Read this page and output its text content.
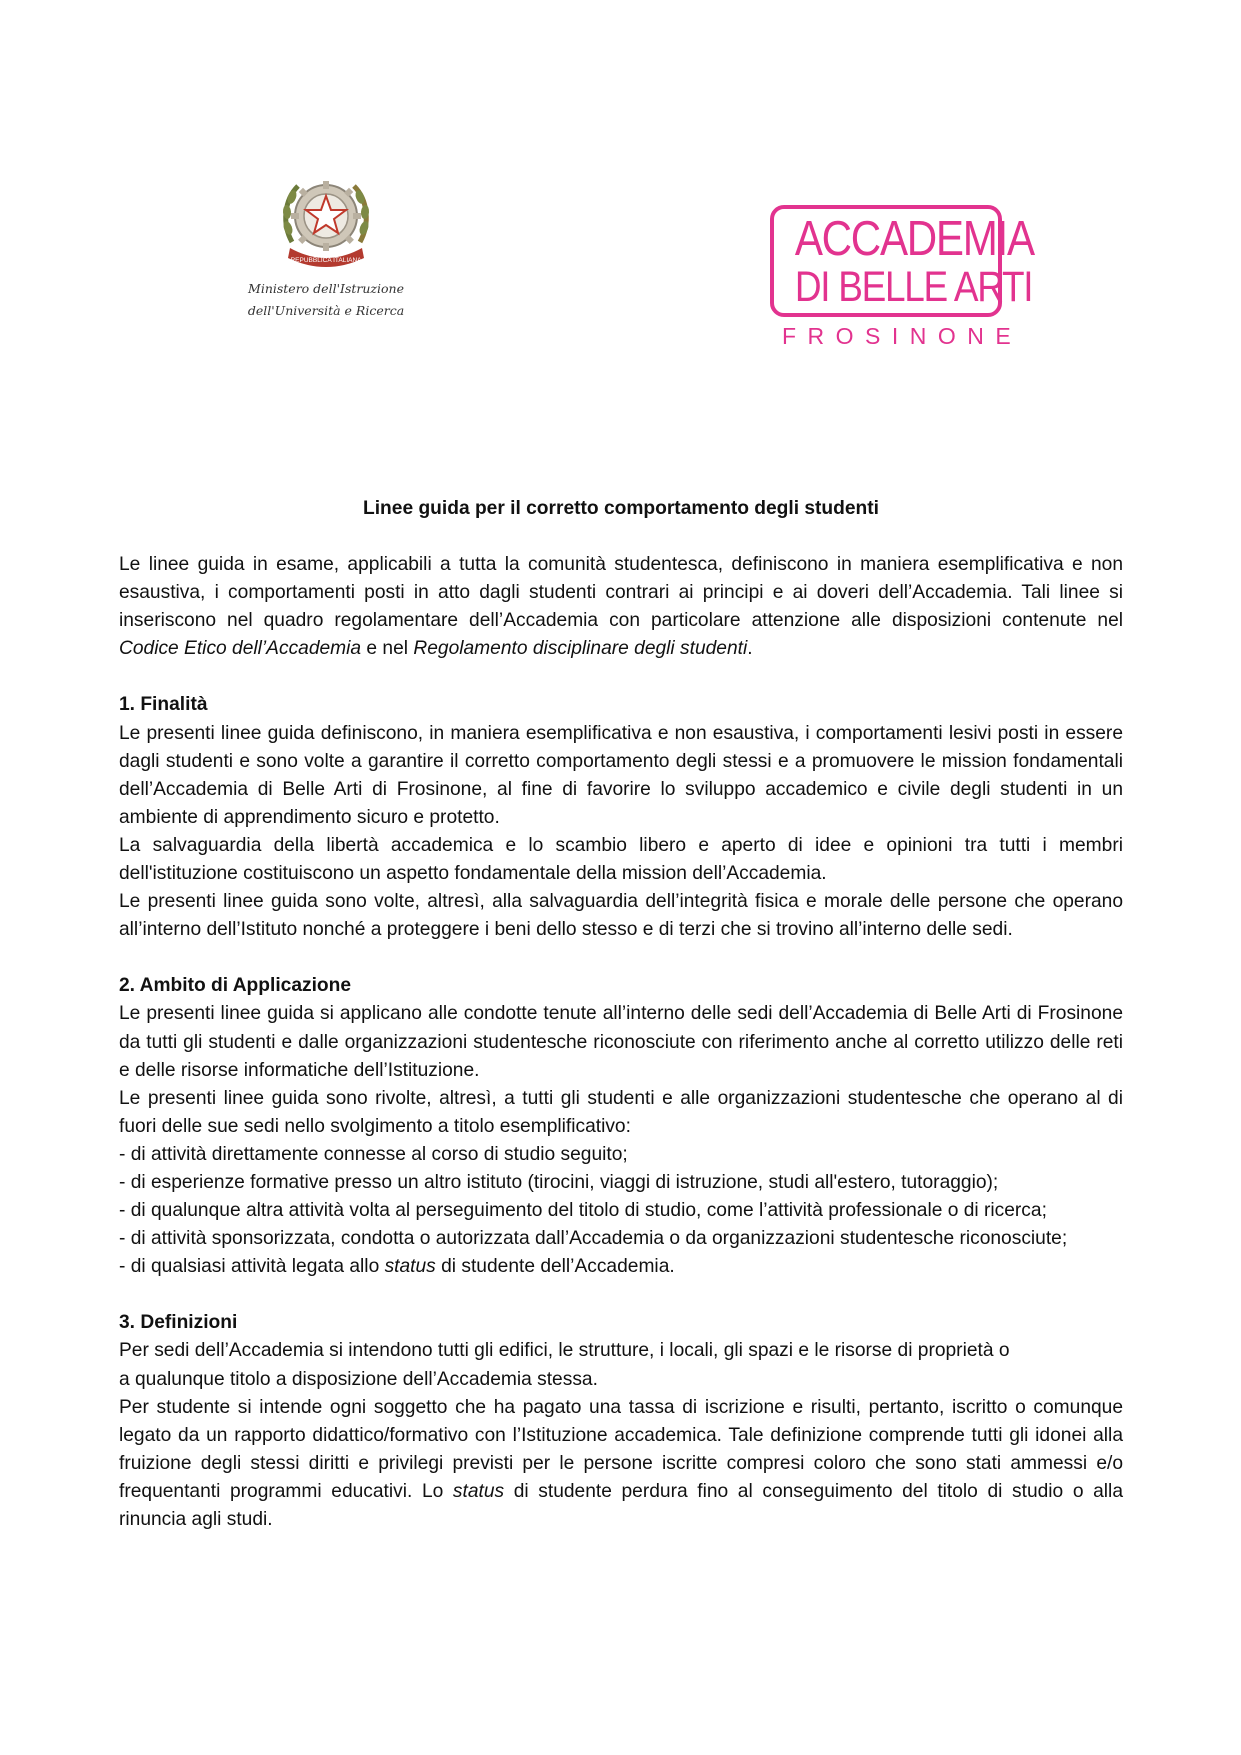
REPUBBLICA ITALIANA
Ministero dell'Istruzione
dell'Università e Ricerca
ACCADEMIA
DI BELLE ARTI
FROSINONE
Linee guida per il corretto comportamento degli studenti

Le linee guida in esame, applicabili a tutta la comunità studentesca, definiscono in maniera esemplificativa e non esaustiva, i comportamenti posti in atto dagli studenti contrari ai principi e ai doveri dell’Accademia. Tali linee si inseriscono nel quadro regolamentare dell’Accademia con particolare attenzione alle disposizioni contenute nel Codice Etico dell’Accademia e nel Regolamento disciplinare degli studenti.

1. Finalità

Le presenti linee guida definiscono, in maniera esemplificativa e non esaustiva, i comportamenti lesivi posti in essere dagli studenti e sono volte a garantire il corretto comportamento degli stessi e a promuovere le mission fondamentali dell’Accademia di Belle Arti di Frosinone, al fine di favorire lo sviluppo accademico e civile degli studenti in un ambiente di apprendimento sicuro e protetto.

La salvaguardia della libertà accademica e lo scambio libero e aperto di idee e opinioni tra tutti i membri dell'istituzione costituiscono un aspetto fondamentale della mission dell’Accademia.

Le presenti linee guida sono volte, altresì, alla salvaguardia dell’integrità fisica e morale delle persone che operano all’interno dell’Istituto nonché a proteggere i beni dello stesso e di terzi che si trovino all’interno delle sedi.

2. Ambito di Applicazione

Le presenti linee guida si applicano alle condotte tenute all’interno delle sedi dell’Accademia di Belle Arti di Frosinone da tutti gli studenti e dalle organizzazioni studentesche riconosciute con riferimento anche al corretto utilizzo delle reti e delle risorse informatiche dell’Istituzione.

Le presenti linee guida sono rivolte, altresì, a tutti gli studenti e alle organizzazioni studentesche che operano al di fuori delle sue sedi nello svolgimento a titolo esemplificativo:

- di attività direttamente connesse al corso di studio seguito;

- di esperienze formative presso un altro istituto (tirocini, viaggi di istruzione, studi all'estero, tutoraggio);

- di qualunque altra attività volta al perseguimento del titolo di studio, come l’attività professionale o di ricerca;

- di attività sponsorizzata, condotta o autorizzata dall’Accademia o da organizzazioni studentesche riconosciute;

- di qualsiasi attività legata allo status di studente dell’Accademia.

3. Definizioni

Per sedi dell’Accademia si intendono tutti gli edifici, le strutture, i locali, gli spazi e le risorse di proprietà o
a qualunque titolo a disposizione dell’Accademia stessa.

Per studente si intende ogni soggetto che ha pagato una tassa di iscrizione e risulti, pertanto, iscritto o comunque legato da un rapporto didattico/formativo con l’Istituzione accademica. Tale definizione comprende tutti gli idonei alla fruizione degli stessi diritti e privilegi previsti per le persone iscritte compresi coloro che sono stati ammessi e/o frequentanti programmi educativi. Lo status di studente perdura fino al conseguimento del titolo di studio o alla rinuncia agli studi.
